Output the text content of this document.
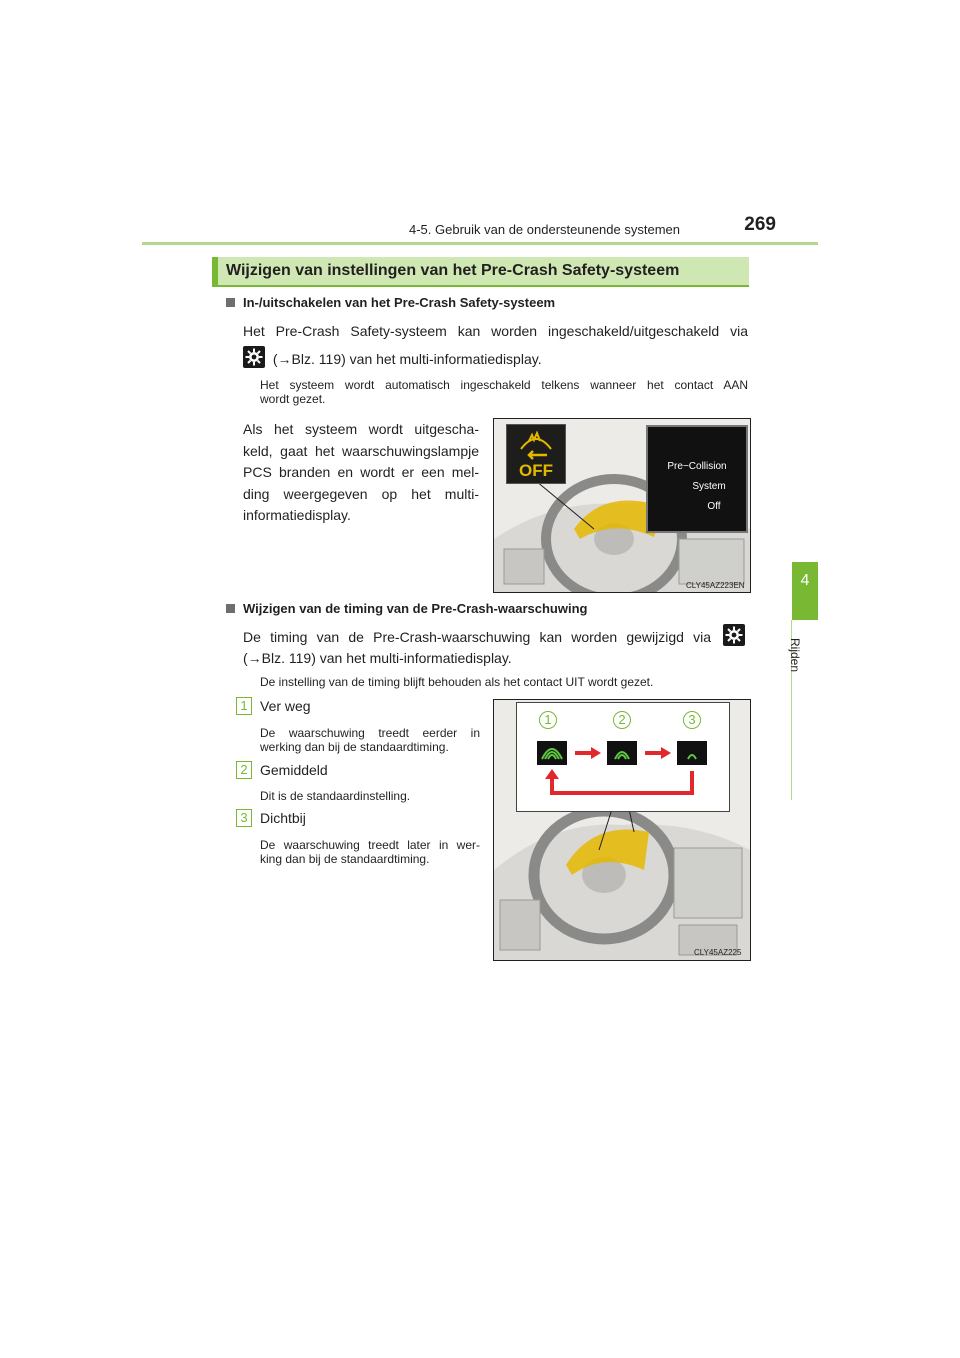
4-5. Gebruik van de ondersteunende systemen	269
4
Rijden
Wijzigen van instellingen van het Pre-Crash Safety-systeem
In-/uitschakelen van het Pre-Crash Safety-systeem
Het Pre-Crash Safety-systeem kan worden ingeschakeld/uitgeschakeld via
(→Blz. 119) van het multi-informatiedisplay.
Het systeem wordt automatisch ingeschakeld telkens wanneer het contact AAN
wordt gezet.
Als het systeem wordt uitgescha-
keld, gaat het waarschuwingslampje
PCS branden en wordt er een mel-
ding weergegeven op het multi-
informatiedisplay.
OFF	Pre−Collision
System
Off
CLY45AZ223EN
Wijzigen van de timing van de Pre-Crash-waarschuwing
De timing van de Pre-Crash-waarschuwing kan worden gewijzigd via
(→Blz. 119) van het multi-informatiedisplay.
De instelling van de timing blijft behouden als het contact UIT wordt gezet.
1 Ver weg
De waarschuwing treedt eerder in
werking dan bij de standaardtiming.
2 Gemiddeld
Dit is de standaardinstelling.
3 Dichtbij
De waarschuwing treedt later in wer-
king dan bij de standaardtiming.
1	2	3
CLY45AZ225
